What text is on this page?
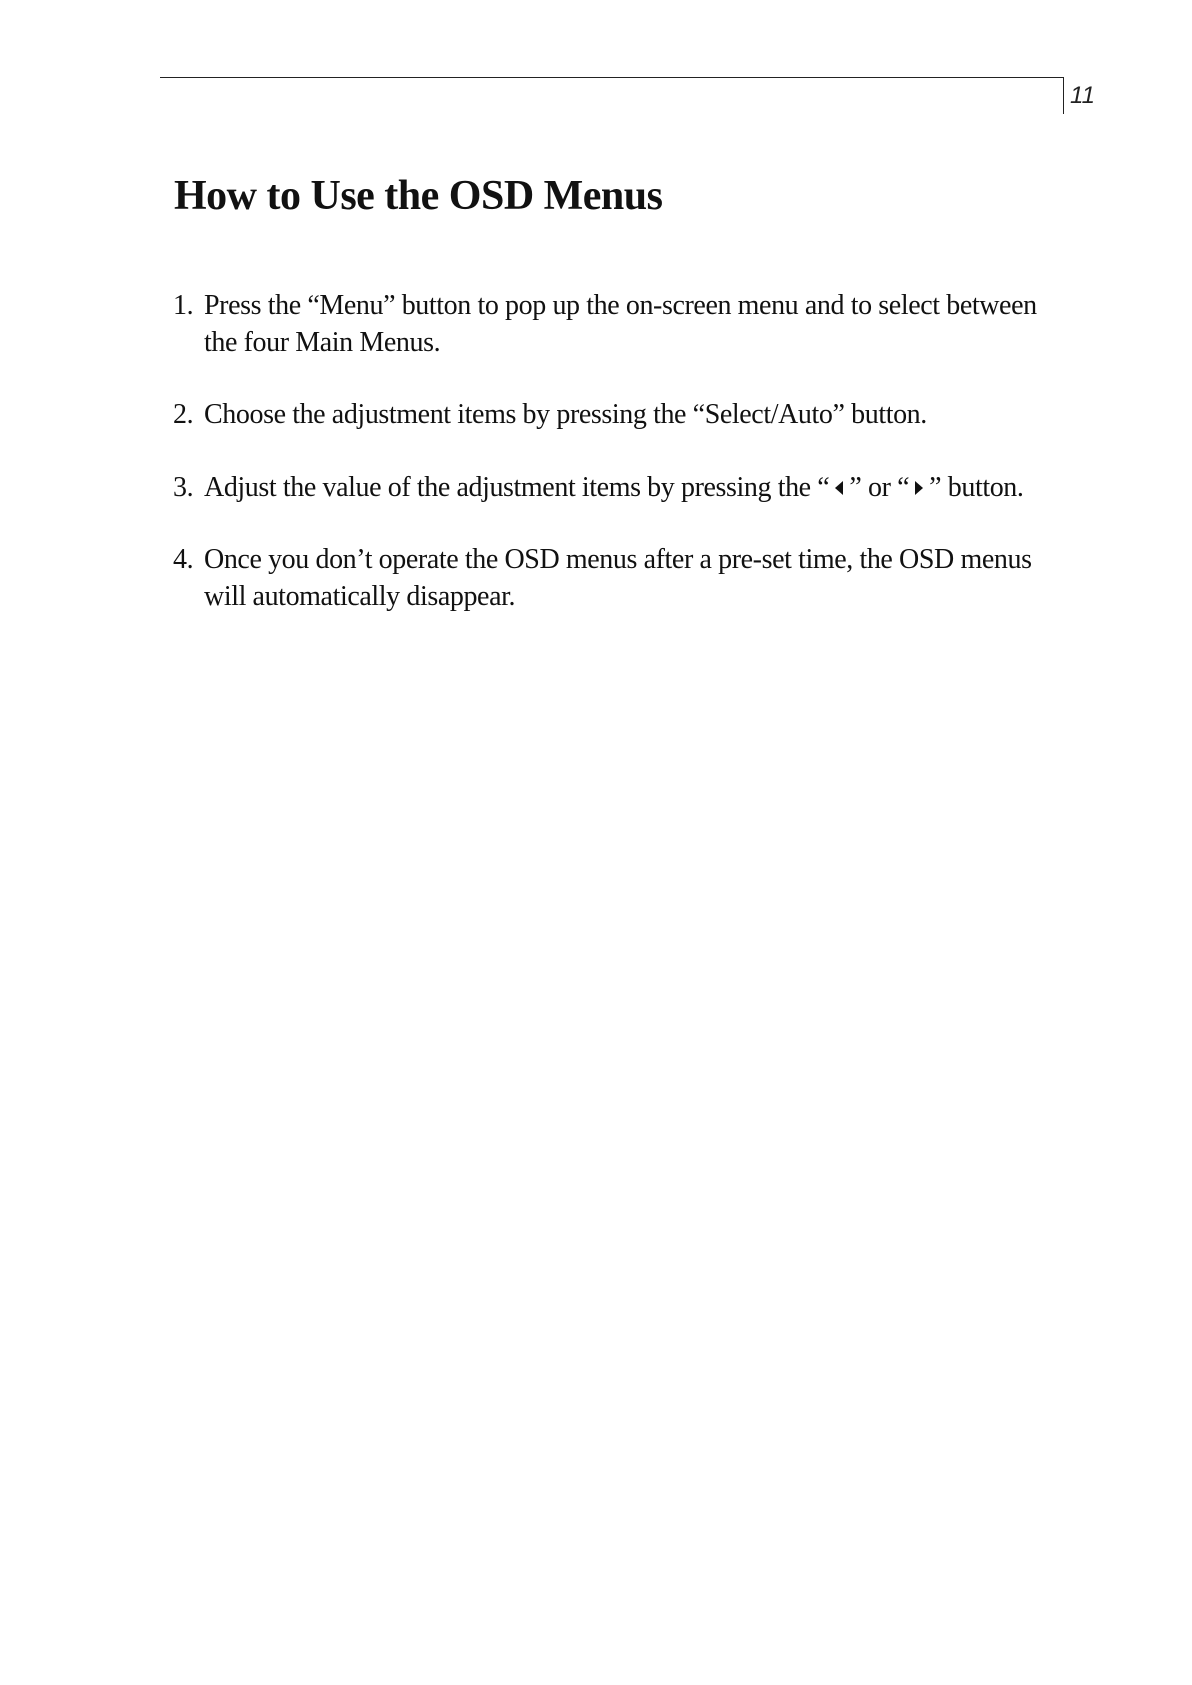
11
How to Use the OSD Menus
1. Press the “Menu” button to pop up the on-screen menu and to select between the four Main Menus.
2. Choose the adjustment items by pressing the “Select/Auto” button.
3. Adjust the value of the adjustment items by pressing the “ ” or “ ” button.
4. Once you don’t operate the OSD menus after a pre-set time, the OSD menus will automatically disappear.
